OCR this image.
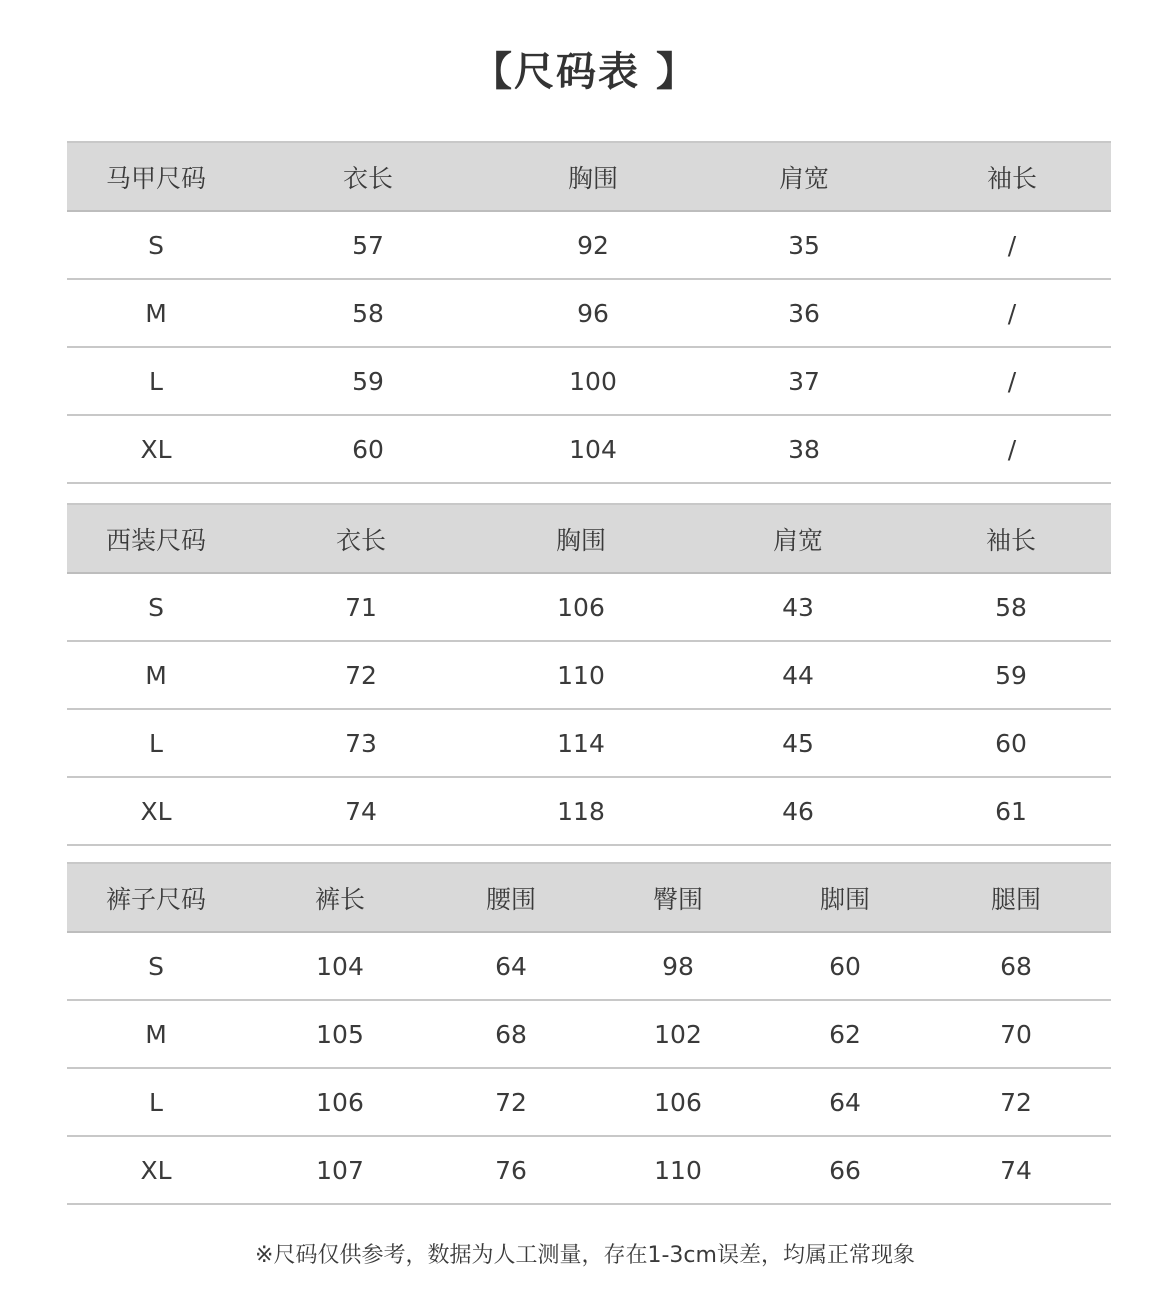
【尺码表 】
马甲尺码	衣长	胸围	肩宽	袖长
S	57	92	35	/
M	58	96	36	/
L	59	100	37	/
XL	60	104	38	/
西装尺码	衣长	胸围	肩宽	袖长
S	71	106	43	58
M	72	110	44	59
L	73	114	45	60
XL	74	118	46	61
裤子尺码	裤长	腰围	臀围	脚围	腿围
S	104	64	98	60	68
M	105	68	102	62	70
L	106	72	106	64	72
XL	107	76	110	66	74
※尺码仅供参考，数据为人工测量，存在1-3cm误差，均属正常现象
